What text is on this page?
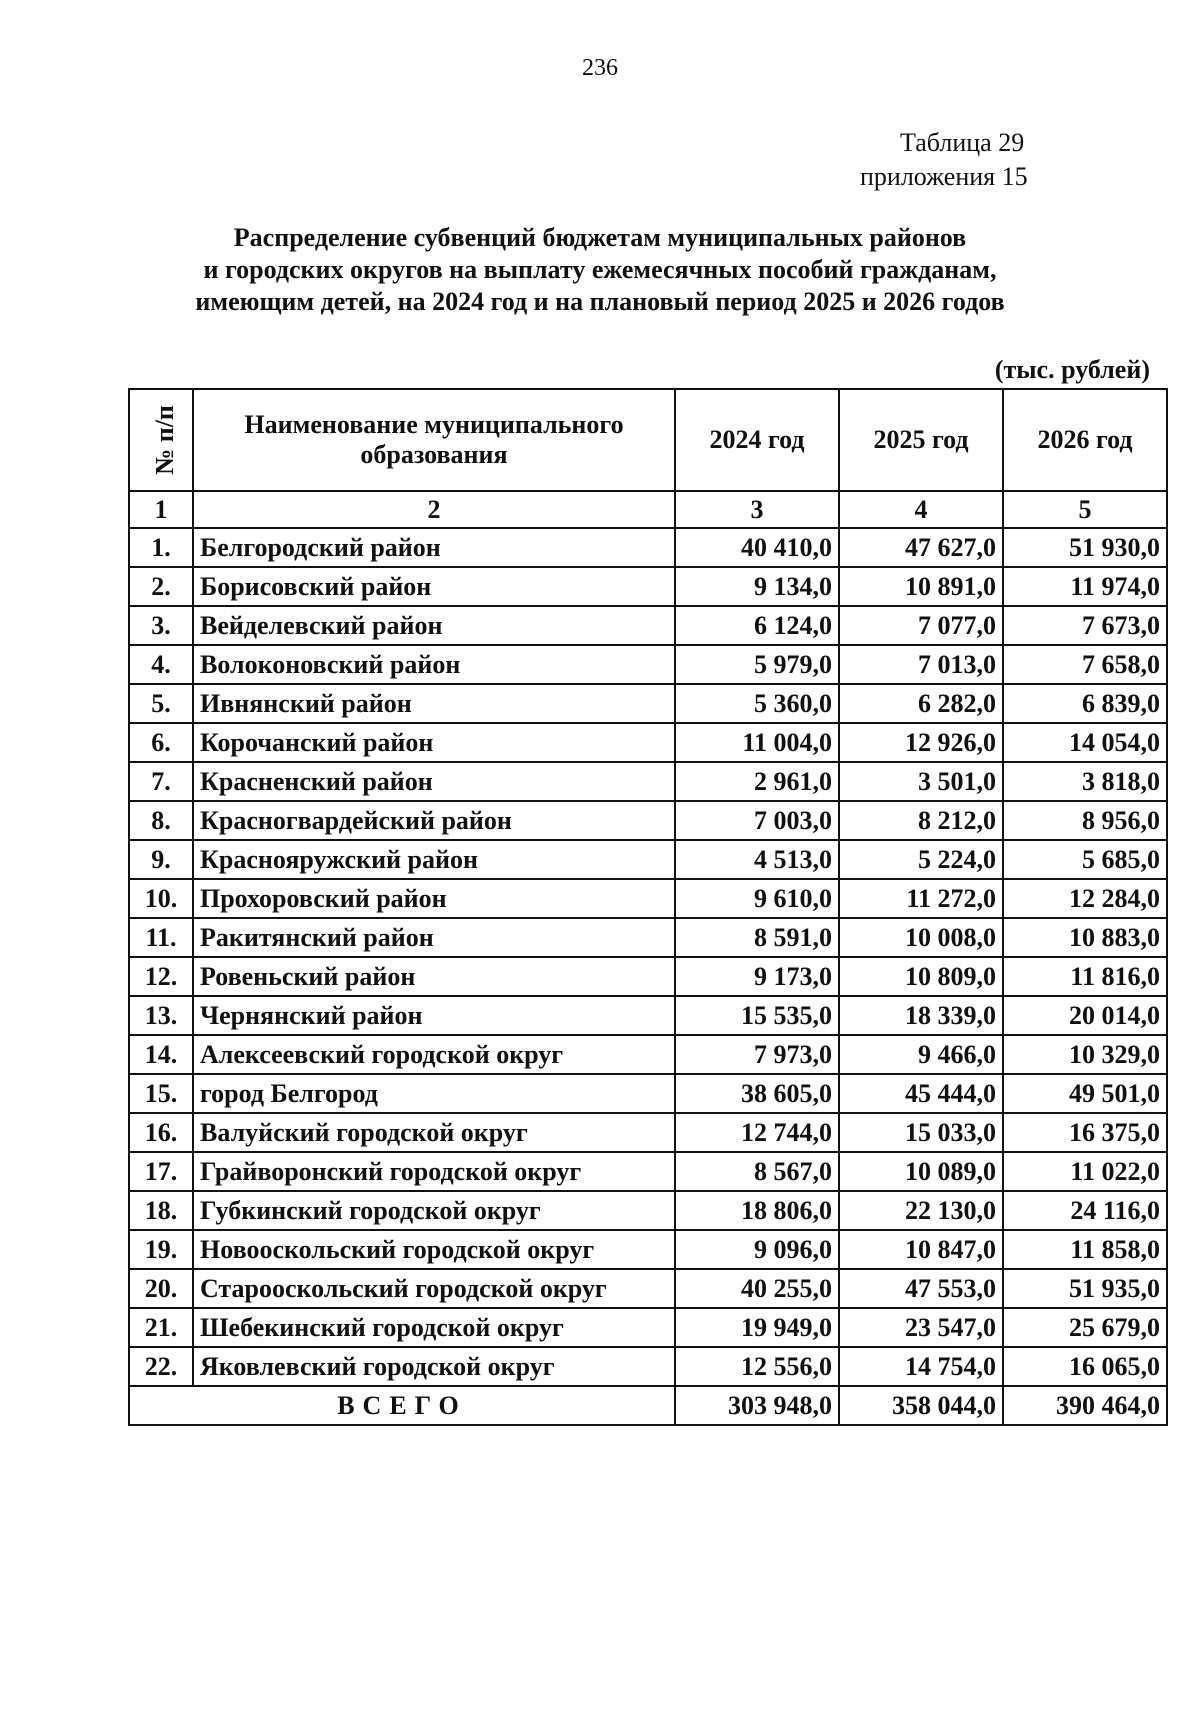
236
Таблица 29
приложения 15
Распределение субвенций бюджетам муниципальных районов
и городских округов на выплату ежемесячных пособий гражданам,
имеющим детей, на 2024 год и на плановый период 2025 и 2026 годов
(тыс. рублей)
№ п/п	Наименование муниципального образования	2024 год	2025 год	2026 год
1	2	3	4	5
1.	Белгородский район	40 410,0	47 627,0	51 930,0
2.	Борисовский район	9 134,0	10 891,0	11 974,0
3.	Вейделевский район	6 124,0	7 077,0	7 673,0
4.	Волоконовский район	5 979,0	7 013,0	7 658,0
5.	Ивнянский район	5 360,0	6 282,0	6 839,0
6.	Корочанский район	11 004,0	12 926,0	14 054,0
7.	Красненский район	2 961,0	3 501,0	3 818,0
8.	Красногвардейский район	7 003,0	8 212,0	8 956,0
9.	Краснояружский район	4 513,0	5 224,0	5 685,0
10.	Прохоровский район	9 610,0	11 272,0	12 284,0
11.	Ракитянский район	8 591,0	10 008,0	10 883,0
12.	Ровеньский район	9 173,0	10 809,0	11 816,0
13.	Чернянский район	15 535,0	18 339,0	20 014,0
14.	Алексеевский городской округ	7 973,0	9 466,0	10 329,0
15.	город Белгород	38 605,0	45 444,0	49 501,0
16.	Валуйский городской округ	12 744,0	15 033,0	16 375,0
17.	Грайворонский городской округ	8 567,0	10 089,0	11 022,0
18.	Губкинский городской округ	18 806,0	22 130,0	24 116,0
19.	Новооскольский городской округ	9 096,0	10 847,0	11 858,0
20.	Старооскольский городской округ	40 255,0	47 553,0	51 935,0
21.	Шебекинский городской округ	19 949,0	23 547,0	25 679,0
22.	Яковлевский городской округ	12 556,0	14 754,0	16 065,0
ВСЕГО		303 948,0	358 044,0	390 464,0
